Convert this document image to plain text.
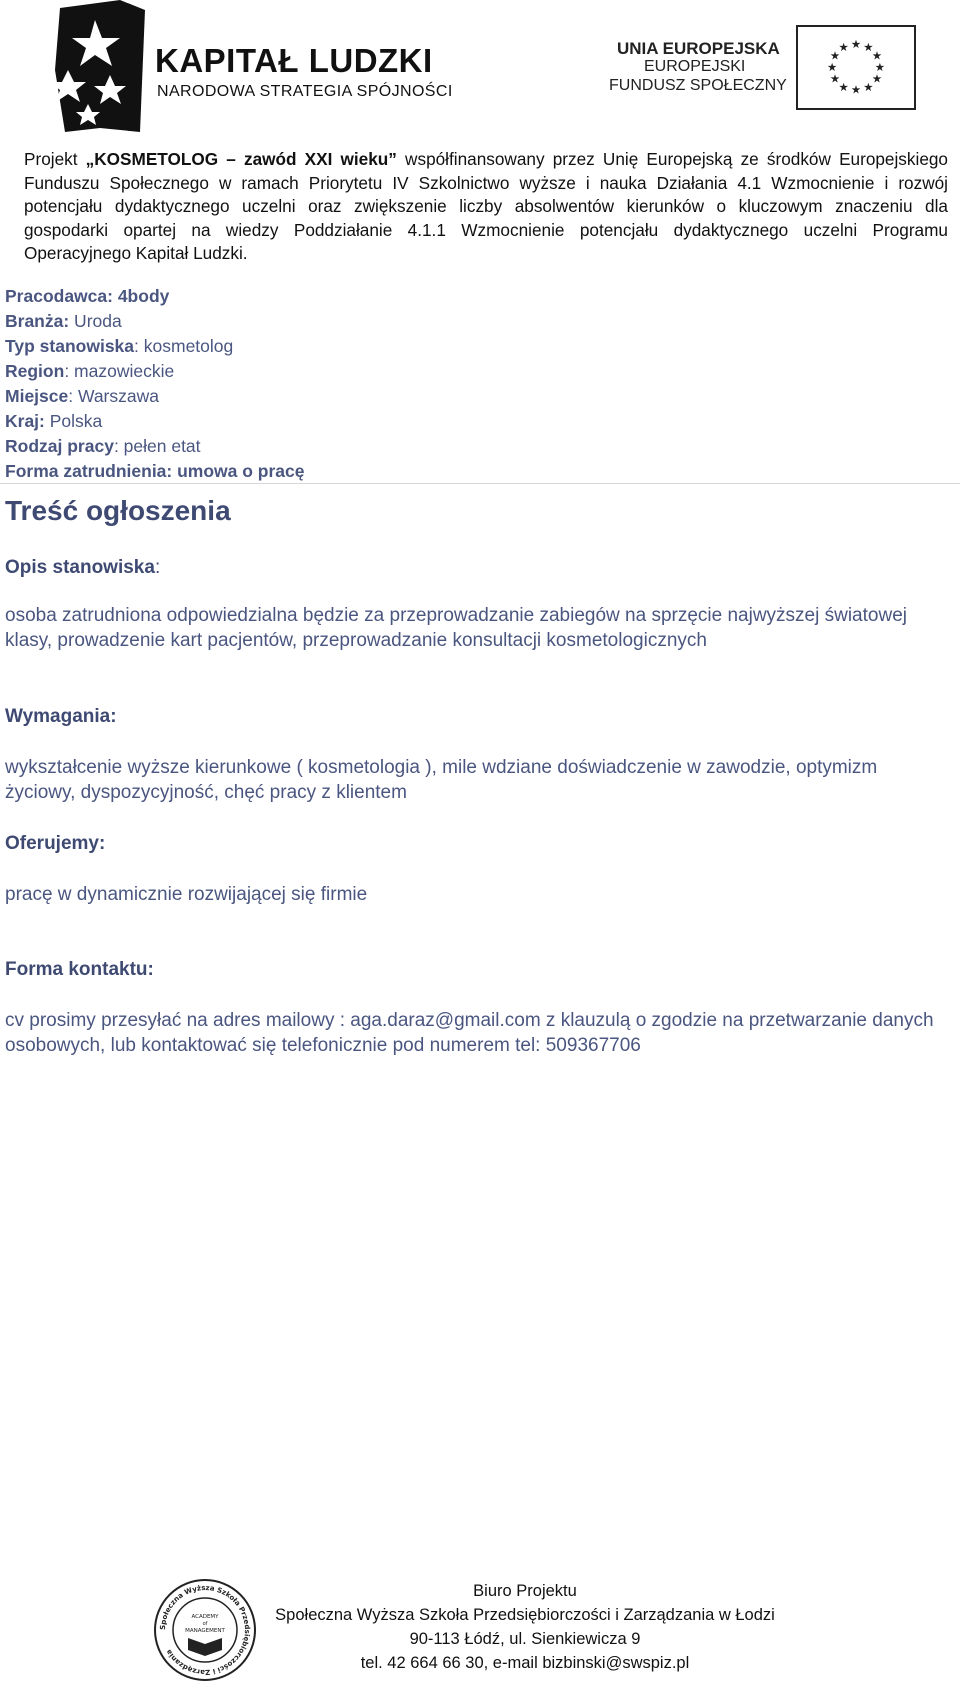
KAPITAŁ LUDZKI
NARODOWA STRATEGIA SPÓJNOŚCI
UNIA EUROPEJSKA
EUROPEJSKI
FUNDUSZ SPOŁECZNY
★ ★
★
★
★
★
★
★
★
★
★
★
Projekt „KOSMETOLOG – zawód XXI wieku” współfinansowany przez Unię Europejską ze środków Europejskiego Funduszu Społecznego w ramach Priorytetu IV Szkolnictwo wyższe i nauka Działania 4.1 Wzmocnienie i rozwój potencjału dydaktycznego uczelni oraz zwiększenie liczby absolwentów kierunków o kluczowym znaczeniu dla gospodarki opartej na wiedzy Poddziałanie 4.1.1 Wzmocnienie potencjału dydaktycznego uczelni Programu Operacyjnego Kapitał Ludzki.
Pracodawca: 4body
Branża: Uroda
Typ stanowiska: kosmetolog
Region: mazowieckie
Miejsce: Warszawa
Kraj: Polska
Rodzaj pracy: pełen etat
Forma zatrudnienia: umowa o pracę
Treść ogłoszenia
Opis stanowiska:
osoba zatrudniona odpowiedzialna będzie za przeprowadzanie zabiegów na sprzęcie najwyższej światowej klasy, prowadzenie kart pacjentów, przeprowadzanie konsultacji kosmetologicznych
Wymagania:
wykształcenie wyższe kierunkowe ( kosmetologia ), mile wdziane doświadczenie w zawodzie, optymizm życiowy, dyspozycyjność, chęć pracy z klientem
Oferujemy:
pracę w dynamicznie rozwijającej się firmie
Forma kontaktu:
cv prosimy przesyłać na adres mailowy : aga.daraz@gmail.com z klauzulą o zgodzie na przetwarzanie danych osobowych, lub kontaktować się telefonicznie pod numerem tel: 509367706
Społeczna Wyższa Szkoła Przedsiębiorczości i Zarządzania
ACADEMY
of
MANAGEMENT
Biuro Projektu
Społeczna Wyższa Szkoła Przedsiębiorczości i Zarządzania w Łodzi
90-113 Łódź, ul. Sienkiewicza 9
tel. 42 664 66 30, e-mail bizbinski@swspiz.pl
